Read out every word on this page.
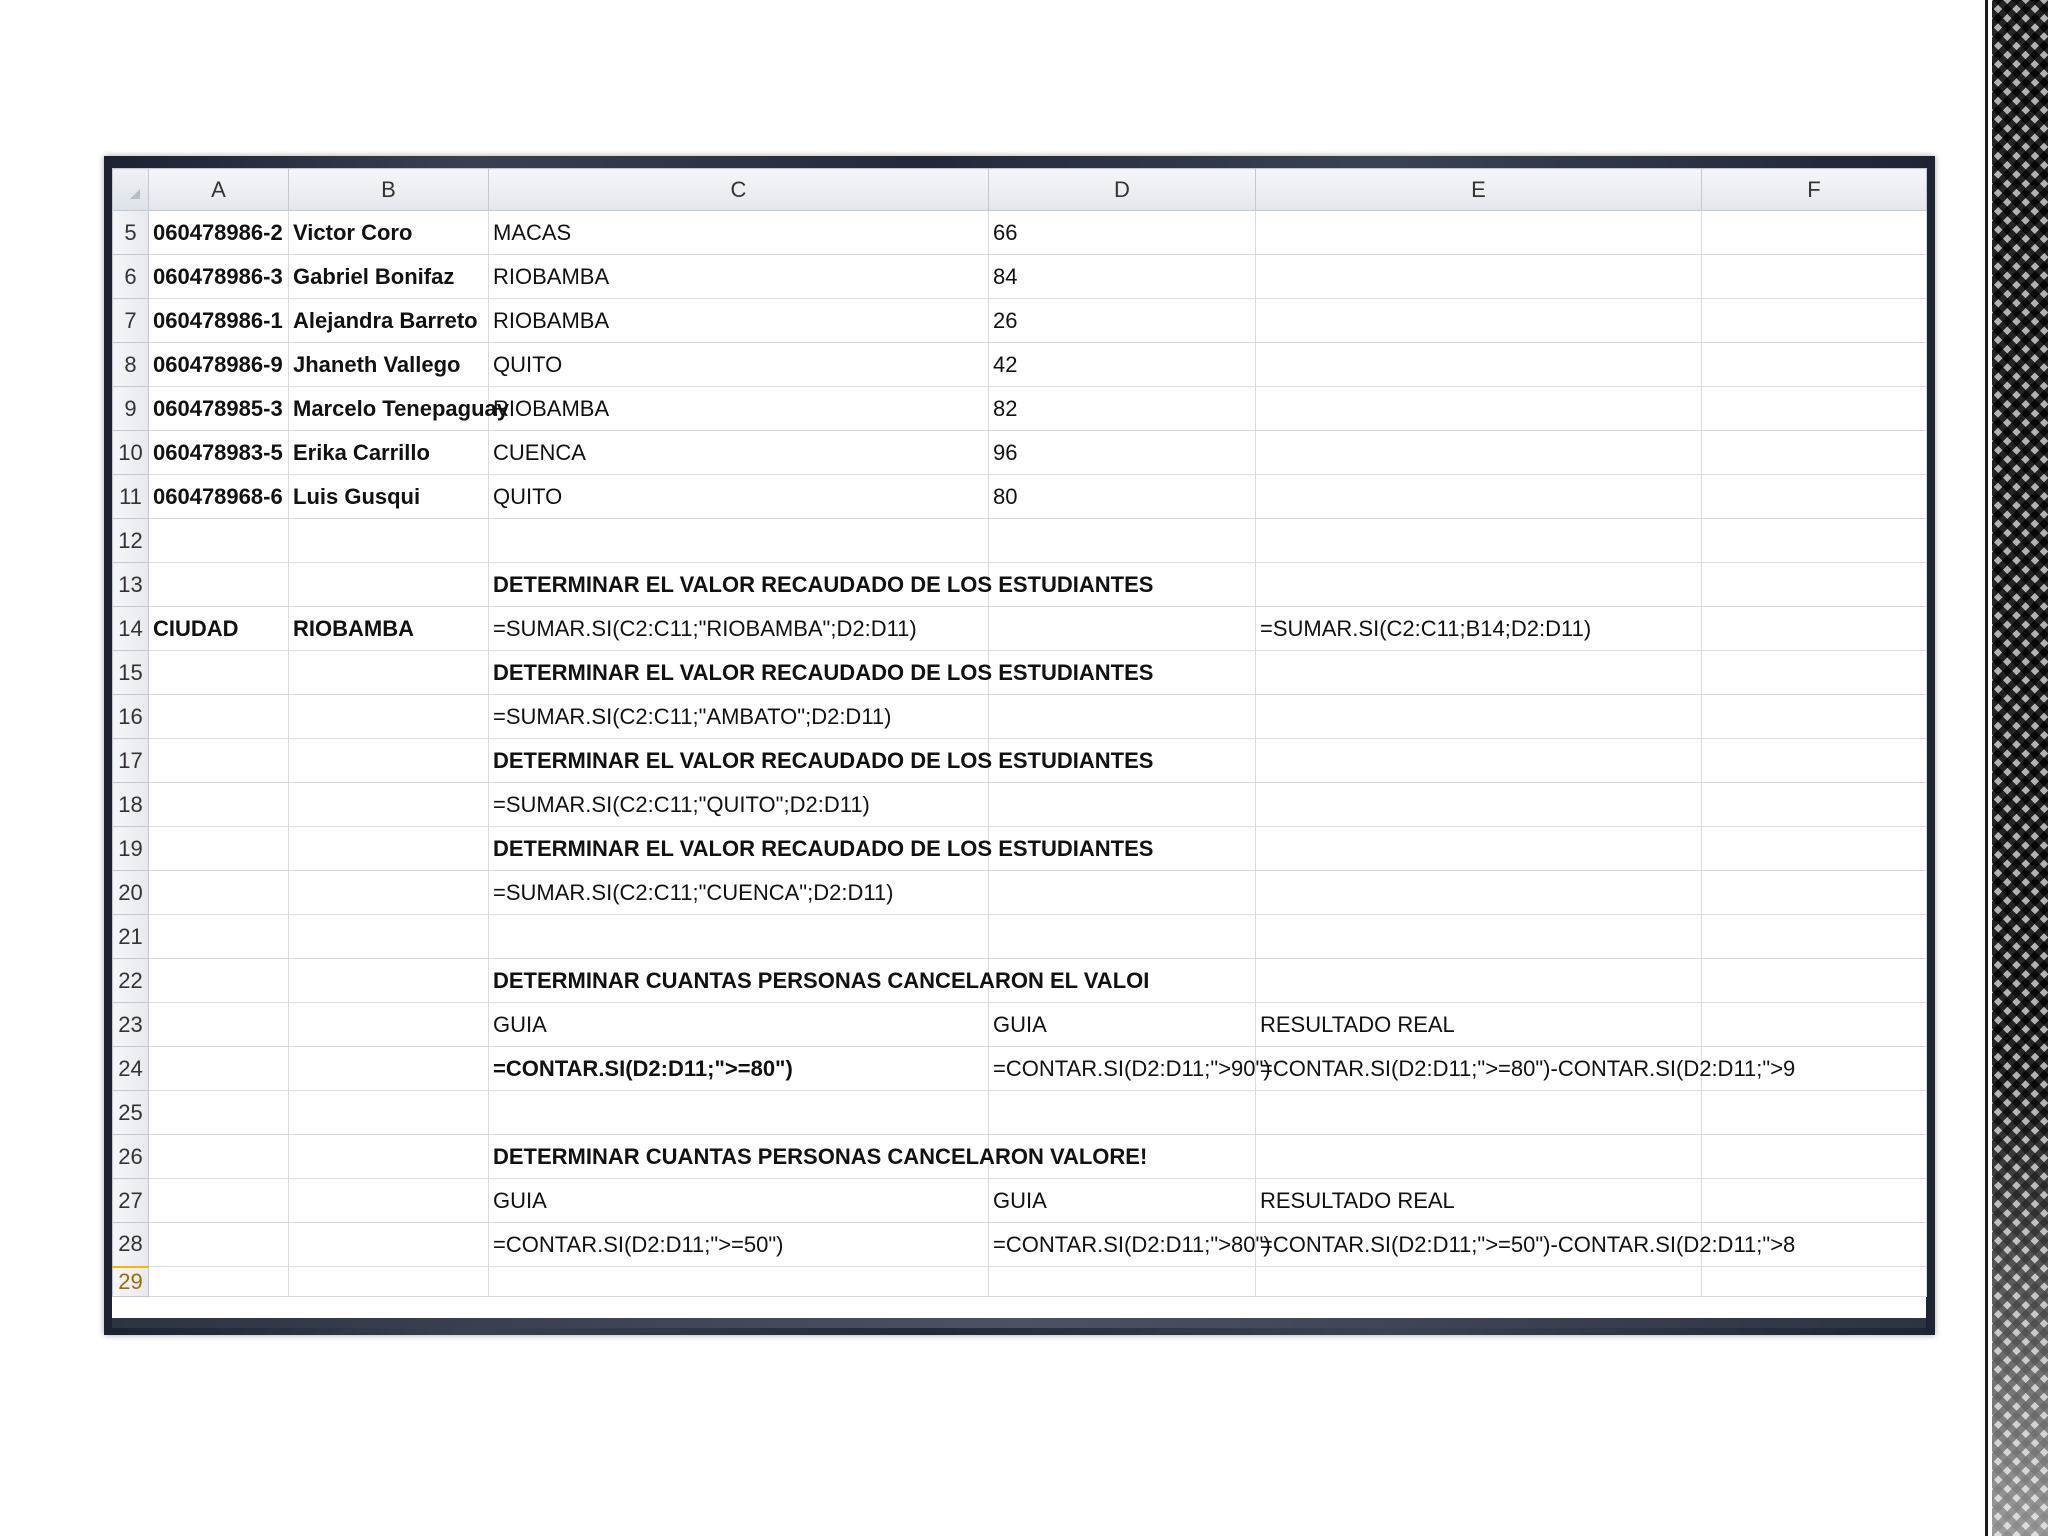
	A	B	C	D	E	F
5	060478986-2	Victor Coro	MACAS	66		
6	060478986-3	Gabriel Bonifaz	RIOBAMBA	84		
7	060478986-1	Alejandra Barreto	RIOBAMBA	26		
8	060478986-9	Jhaneth Vallego	QUITO	42		
9	060478985-3	Marcelo Tenepaguay	RIOBAMBA	82		
10	060478983-5	Erika Carrillo	CUENCA	96		
11	060478968-6	Luis Gusqui	QUITO	80		
12						
13			DETERMINAR EL VALOR RECAUDADO DE LOS ESTUDIANTES			
14	CIUDAD	RIOBAMBA	=SUMAR.SI(C2:C11;"RIOBAMBA";D2:D11)		=SUMAR.SI(C2:C11;B14;D2:D11)	
15			DETERMINAR EL VALOR RECAUDADO DE LOS ESTUDIANTES			
16			=SUMAR.SI(C2:C11;"AMBATO";D2:D11)			
17			DETERMINAR EL VALOR RECAUDADO DE LOS ESTUDIANTES			
18			=SUMAR.SI(C2:C11;"QUITO";D2:D11)			
19			DETERMINAR EL VALOR RECAUDADO DE LOS ESTUDIANTES			
20			=SUMAR.SI(C2:C11;"CUENCA";D2:D11)			
21						
22			DETERMINAR CUANTAS PERSONAS CANCELARON EL VALOI			
23			GUIA	GUIA	RESULTADO REAL	
24			=CONTAR.SI(D2:D11;">=80")	=CONTAR.SI(D2:D11;">90")	=CONTAR.SI(D2:D11;">=80")-CONTAR.SI(D2:D11;">9	
25						
26			DETERMINAR CUANTAS PERSONAS CANCELARON VALORE!			
27			GUIA	GUIA	RESULTADO REAL	
28			=CONTAR.SI(D2:D11;">=50")	=CONTAR.SI(D2:D11;">80")	=CONTAR.SI(D2:D11;">=50")-CONTAR.SI(D2:D11;">8	
29						
